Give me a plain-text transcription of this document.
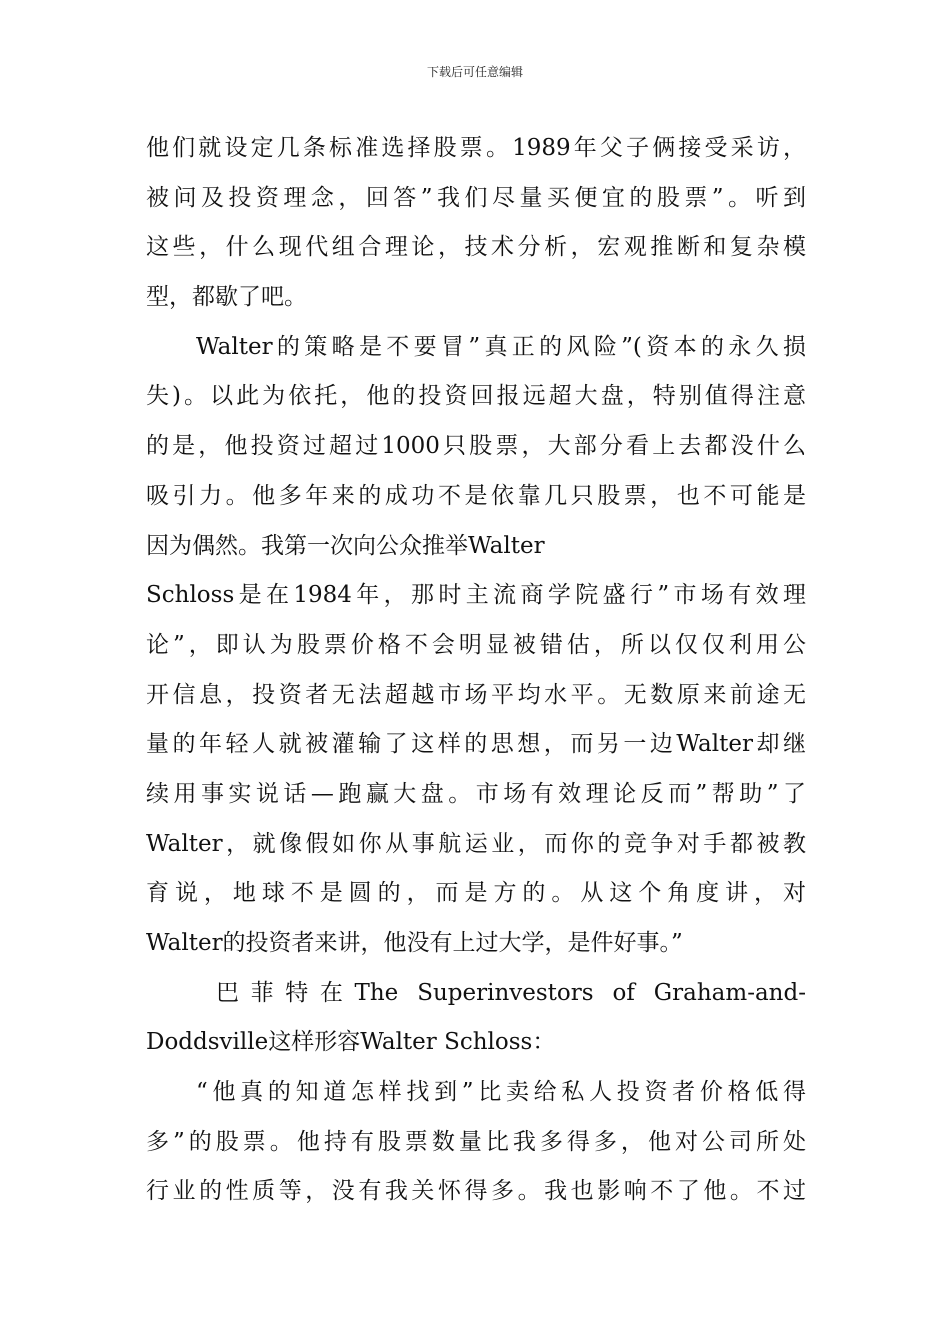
下载后可任意编辑
他们就设定几条标准选择股票。1989年父子俩接受采访，
被问及投资理念，回答”我们尽量买便宜的股票”。听到
这些，什么现代组合理论，技术分析，宏观推断和复杂模
型，都歇了吧。
Walter的策略是不要冒”真正的风险”(资本的永久损
失)。以此为依托，他的投资回报远超大盘，特别值得注意
的是，他投资过超过1000只股票，大部分看上去都没什么
吸引力。他多年来的成功不是依靠几只股票，也不可能是
因为偶然。我第一次向公众推举Walter
Schloss是在1984年，那时主流商学院盛行”市场有效理
论”，即认为股票价格不会明显被错估，所以仅仅利用公
开信息，投资者无法超越市场平均水平。无数原来前途无
量的年轻人就被灌输了这样的思想，而另一边Walter却继
续用事实说话—跑赢大盘。市场有效理论反而”帮助”了
Walter，就像假如你从事航运业，而你的竞争对手都被教
育说，地球不是圆的，而是方的。从这个角度讲，对
Walter的投资者来讲，他没有上过大学，是件好事。”
巴菲特在The Superinvestors of Graham-and-
Doddsville这样形容Walter Schloss：
“他真的知道怎样找到”比卖给私人投资者价格低得
多”的股票。他持有股票数量比我多得多，他对公司所处
行业的性质等，没有我关怀得多。我也影响不了他。不过
